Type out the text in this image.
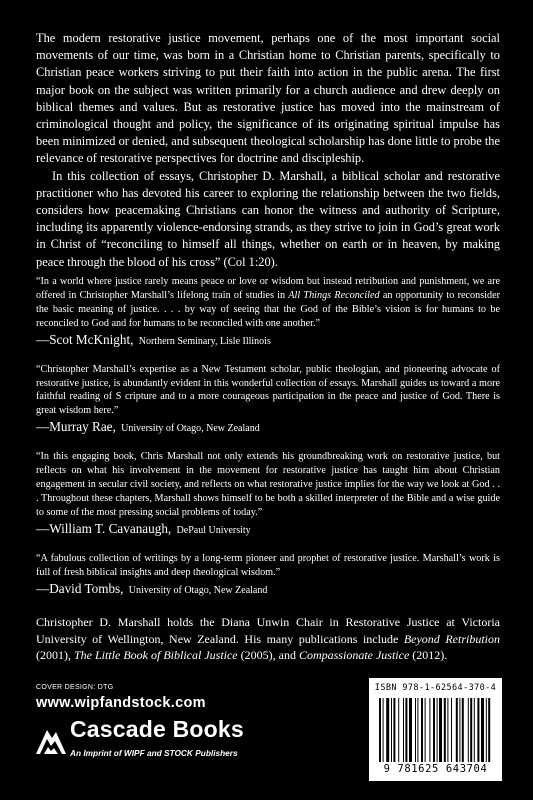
The modern restorative justice movement, perhaps one of the most important social movements of our time, was born in a Christian home to Christian parents, specifically to Christian peace workers striving to put their faith into action in the public arena. The first major book on the subject was written primarily for a church audience and drew deeply on biblical themes and values. But as restorative justice has moved into the mainstream of criminological thought and policy, the significance of its originating spiritual impulse has been minimized or denied, and subsequent theological scholarship has done little to probe the relevance of restorative perspectives for doctrine and discipleship.

In this collection of essays, Christopher D. Marshall, a biblical scholar and restorative practitioner who has devoted his career to exploring the relationship between the two fields, considers how peacemaking Christians can honor the witness and authority of Scripture, including its apparently violence-endorsing strands, as they strive to join in God’s great work in Christ of “reconciling to himself all things, whether on earth or in heaven, by making peace through the blood of his cross” (Col 1:20).

“In a world where justice rarely means peace or love or wisdom but instead retribution and punishment, we are offered in Christopher Marshall’s lifelong train of studies in All Things Reconciled an opportunity to reconsider the basic meaning of justice. . . . by way of seeing that the God of the Bible’s vision is for humans to be reconciled to God and for humans to be reconciled with one another.”

—Scot McKnight, Northern Seminary, Lisle Illinois

“Christopher Marshall’s expertise as a New Testament scholar, public theologian, and pioneering advocate of restorative justice, is abundantly evident in this wonderful collection of essays. Marshall guides us toward a more faithful reading of S cripture and to a more courageous participation in the peace and justice of God. There is great wisdom here.”

—Murray Rae, University of Otago, New Zealand

“In this engaging book, Chris Marshall not only extends his groundbreaking work on restorative justice, but reflects on what his involvement in the movement for restorative justice has taught him about Christian engagement in secular civil society, and reflects on what restorative justice implies for the way we look at God . . . Throughout these chapters, Marshall shows himself to be both a skilled interpreter of the Bible and a wise guide to some of the most pressing social problems of today.”

—William T. Cavanaugh, DePaul University

“A fabulous collection of writings by a long-term pioneer and prophet of restorative justice. Marshall’s work is full of fresh biblical insights and deep theological wisdom.”

—David Tombs, University of Otago, New Zealand

Christopher D. Marshall holds the Diana Unwin Chair in Restorative Justice at Victoria University of Wellington, New Zealand. His many publications include Beyond Retribution (2001), The Little Book of Biblical Justice (2005), and Compassionate Justice (2012).

COVER DESIGN: DTG
www.wipfandstock.com
Cascade Books
An Imprint of WIPF and STOCK Publishers
ISBN 978-1-62564-370-4
9 781625 643704
